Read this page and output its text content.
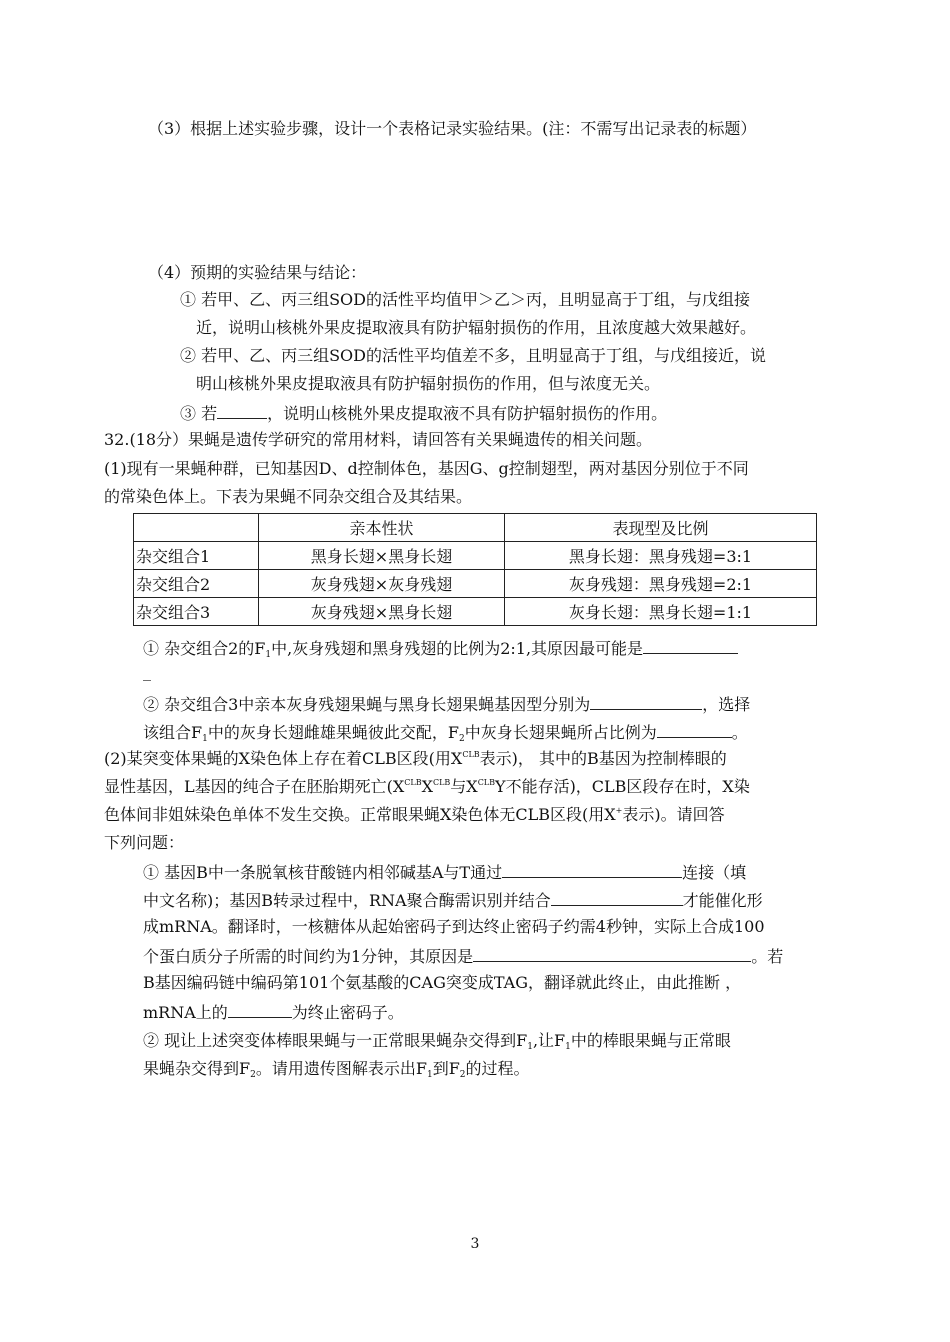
（3）根据上述实验步骤，设计一个表格记录实验结果。(注：不需写出记录表的标题）
（4）预期的实验结果与结论：
① 若甲、乙、丙三组SOD的活性平均值甲＞乙＞丙，且明显高于丁组，与戊组接
近，说明山核桃外果皮提取液具有防护辐射损伤的作用，且浓度越大效果越好。
② 若甲、乙、丙三组SOD的活性平均值差不多，且明显高于丁组，与戊组接近，说
明山核桃外果皮提取液具有防护辐射损伤的作用，但与浓度无关。
③ 若	，说明山核桃外果皮提取液不具有防护辐射损伤的作用。
32.(18分）果蝇是遗传学研究的常用材料，请回答有关果蝇遗传的相关问题。
(1)现有一果蝇种群，已知基因D、d控制体色，基因G、g控制翅型，两对基因分别位于不同
的常染色体上。下表为果蝇不同杂交组合及其结果。
	亲本性状	表现型及比例
杂交组合1	黑身长翅×黑身长翅	黑身长翅：黑身残翅=3:1
杂交组合2	灰身残翅×灰身残翅	灰身残翅：黑身残翅=2:1
杂交组合3	灰身残翅×黑身长翅	灰身长翅：黑身长翅=1:1
① 杂交组合2的$F_1$中,灰身残翅和黑身残翅的比例为2:1,其原因最可能是
_
② 杂交组合3中亲本灰身残翅果蝇与黑身长翅果蝇基因型分别为	，选择
该组合$F_1$中的灰身长翅雌雄果蝇彼此交配，$F_2$中灰身长翅果蝇所占比例为	。
(2)某突变体果蝇的X染色体上存在着CLB区段(用$X^{CLB}$表示)， 其中的B基因为控制棒眼的
显性基因，L基因的纯合子在胚胎期死亡($X^{CLB}X^{CLB}$与$X^{CLB}Y$不能存活)，CLB区段存在时，X染
色体间非姐妹染色单体不发生交换。正常眼果蝇X染色体无CLB区段(用X+表示)。请回答
下列问题：
① 基因B中一条脱氧核苷酸链内相邻碱基A与T通过	连接（填
中文名称)；基因B转录过程中，RNA聚合酶需识别并结合	才能催化形
成mRNA。翻译时，一核糖体从起始密码子到达终止密码子约需4秒钟，实际上合成100
个蛋白质分子所需的时间约为1分钟，其原因是	。若
B基因编码链中编码第101个氨基酸的CAG突变成TAG，翻译就此终止，由此推断 ，
mRNA上的	为终止密码子。
② 现让上述突变体棒眼果蝇与一正常眼果蝇杂交得到$F_1$,让$F_1$中的棒眼果蝇与正常眼
果蝇杂交得到$F_2$。请用遗传图解表示出$F_1$到$F_2$的过程。
3
